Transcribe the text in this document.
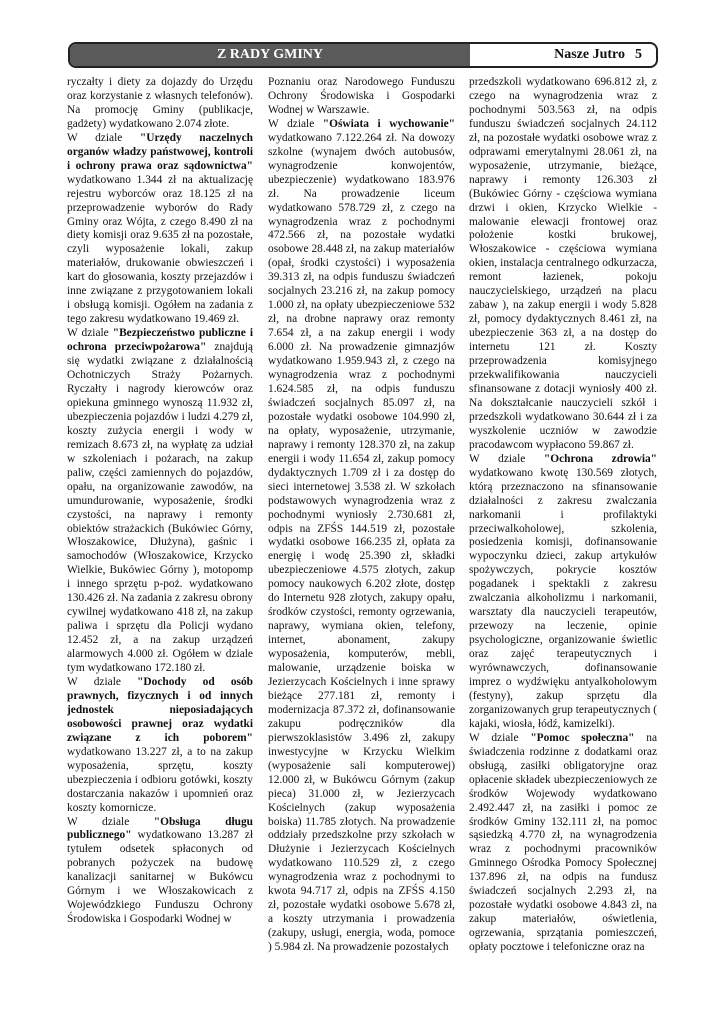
Z RADY GMINY	Nasze Jutro 5

ryczałty i diety za dojazdy do Urzędu oraz korzystanie z własnych telefonów). Na promocję Gminy (publikacje, gadżety) wydatkowano 2.074 złote.

W dziale "Urzędy naczelnych organów władzy państwowej, kontroli i ochrony prawa oraz sądownictwa" wydatkowano 1.344 zł na aktualizację rejestru wyborców oraz 18.125 zł na przeprowadzenie wyborów do Rady Gminy oraz Wójta, z czego 8.490 zł na diety komisji oraz 9.635 zł na pozostałe, czyli wyposażenie lokali, zakup materiałów, drukowanie obwieszczeń i kart do głosowania, koszty przejazdów i inne związane z przygotowaniem lokali i obsługą komisji. Ogółem na zadania z tego zakresu wydatkowano 19.469 zł.

W dziale "Bezpieczeństwo publiczne i ochrona przeciwpożarowa" znajdują się wydatki związane z działalnością Ochotniczych Straży Pożarnych. Ryczałty i nagrody kierowców oraz opiekuna gminnego wynoszą 11.932 zł, ubezpieczenia pojazdów i ludzi 4.279 zł, koszty zużycia energii i wody w remizach 8.673 zł, na wypłatę za udział w szkoleniach i pożarach, na zakup paliw, części zamiennych do pojazdów, opału, na organizowanie zawodów, na umundurowanie, wyposażenie, środki czystości, na naprawy i remonty obiektów strażackich (Bukówiec Górny, Włoszakowice, Dłużyna), gaśnic i samochodów (Włoszakowice, Krzycko Wielkie, Bukówiec Górny ), motopomp i innego sprzętu p-poż. wydatkowano 130.426 zł. Na zadania z zakresu obrony cywilnej wydatkowano 418 zł, na zakup paliwa i sprzętu dla Policji wydano 12.452 zł, a na zakup urządzeń alarmowych 4.000 zł. Ogółem w dziale tym wydatkowano 172.180 zł.

W dziale "Dochody od osób prawnych, fizycznych i od innych jednostek nieposiadających osobowości prawnej oraz wydatki związane z ich poborem" wydatkowano 13.227 zł, a to na zakup wyposażenia, sprzętu, koszty ubezpieczenia i odbioru gotówki, koszty dostarczania nakazów i upomnień oraz koszty komornicze.

W dziale "Obsługa długu publicznego" wydatkowano 13.287 zł tytułem odsetek spłaconych od pobranych pożyczek na budowę kanalizacji sanitarnej w Bukówcu Górnym i we Włoszakowicach z Wojewódzkiego Funduszu Ochrony Środowiska i Gospodarki Wodnej w

Poznaniu oraz Narodowego Funduszu Ochrony Środowiska i Gospodarki Wodnej w Warszawie.

W dziale "Oświata i wychowanie" wydatkowano 7.122.264 zł. Na dowozy szkolne (wynajem dwóch autobusów, wynagrodzenie konwojentów, ubezpieczenie) wydatkowano 183.976 zł. Na prowadzenie liceum wydatkowano 578.729 zł, z czego na wynagrodzenia wraz z pochodnymi 472.566 zł, na pozostałe wydatki osobowe 28.448 zł, na zakup materiałów (opał, środki czystości) i wyposażenia 39.313 zł, na odpis funduszu świadczeń socjalnych 23.216 zł, na zakup pomocy 1.000 zł, na opłaty ubezpieczeniowe 532 zł, na drobne naprawy oraz remonty 7.654 zł, a na zakup energii i wody 6.000 zł. Na prowadzenie gimnazjów wydatkowano 1.959.943 zł, z czego na wynagrodzenia wraz z pochodnymi 1.624.585 zł, na odpis funduszu świadczeń socjalnych 85.097 zł, na pozostałe wydatki osobowe 104.990 zł, na opłaty, wyposażenie, utrzymanie, naprawy i remonty 128.370 zł, na zakup energii i wody 11.654 zł, zakup pomocy dydaktycznych 1.709 zł i za dostęp do sieci internetowej 3.538 zł. W szkołach podstawowych wynagrodzenia wraz z pochodnymi wyniosły 2.730.681 zł, odpis na ZFŚS 144.519 zł, pozostałe wydatki osobowe 166.235 zł, opłata za energię i wodę 25.390 zł, składki ubezpieczeniowe 4.575 złotych, zakup pomocy naukowych 6.202 złote, dostęp do Internetu 928 złotych, zakupy opału, środków czystości, remonty ogrzewania, naprawy, wymiana okien, telefony, internet, abonament, zakupy wyposażenia, komputerów, mebli, malowanie, urządzenie boiska w Jezierzycach Kościelnych i inne sprawy bieżące 277.181 zł, remonty i modernizacja 87.372 zł, dofinansowanie zakupu podręczników dla pierwszoklasistów 3.496 zł, zakupy inwestycyjne w Krzycku Wielkim (wyposażenie sali komputerowej) 12.000 zł, w Bukówcu Górnym (zakup pieca) 31.000 zł, w Jezierzycach Kościelnych (zakup wyposażenia boiska) 11.785 złotych. Na prowadzenie oddziały przedszkolne przy szkołach w Dłużynie i Jezierzycach Kościelnych wydatkowano 110.529 zł, z czego wynagrodzenia wraz z pochodnymi to kwota 94.717 zł, odpis na ZFŚS 4.150 zł, pozostałe wydatki osobowe 5.678 zł, a koszty utrzymania i prowadzenia (zakupy, usługi, energia, woda, pomoce ) 5.984 zł. Na prowadzenie pozostałych

przedszkoli wydatkowano 696.812 zł, z czego na wynagrodzenia wraz z pochodnymi 503.563 zł, na odpis funduszu świadczeń socjalnych 24.112 zł, na pozostałe wydatki osobowe wraz z odprawami emerytalnymi 28.061 zł, na wyposażenie, utrzymanie, bieżące, naprawy i remonty 126.303 zł (Bukówiec Górny - częściowa wymiana drzwi i okien, Krzycko Wielkie - malowanie elewacji frontowej oraz położenie kostki brukowej, Włoszakowice - częściowa wymiana okien, instalacja centralnego odkurzacza, remont łazienek, pokoju nauczycielskiego, urządzeń na placu zabaw ), na zakup energii i wody 5.828 zł, pomocy dydaktycznych 8.461 zł, na ubezpieczenie 363 zł, a na dostęp do internetu 121 zł. Koszty przeprowadzenia komisyjnego przekwalifikowania nauczycieli sfinansowane z dotacji wyniosły 400 zł. Na dokształcanie nauczycieli szkół i przedszkoli wydatkowano 30.644 zł i za wyszkolenie uczniów w zawodzie pracodawcom wypłacono 59.867 zł.

W dziale "Ochrona zdrowia" wydatkowano kwotę 130.569 złotych, którą przeznaczono na sfinansowanie działalności z zakresu zwalczania narkomanii i profilaktyki przeciwalkoholowej, szkolenia, posiedzenia komisji, dofinansowanie wypoczynku dzieci, zakup artykułów spożywczych, pokrycie kosztów pogadanek i spektakli z zakresu zwalczania alkoholizmu i narkomanii, warsztaty dla nauczycieli terapeutów, przewozy na leczenie, opinie psychologiczne, organizowanie świetlic oraz zajęć terapeutycznych i wyrównawczych, dofinansowanie imprez o wydźwięku antyalkoholowym (festyny), zakup sprzętu dla zorganizowanych grup terapeutycznych ( kajaki, wiosła, łódź, kamizelki).

W dziale "Pomoc społeczna" na świadczenia rodzinne z dodatkami oraz obsługą, zasiłki obligatoryjne oraz opłacenie składek ubezpieczeniowych ze środków Wojewody wydatkowano 2.492.447 zł, na zasiłki i pomoc ze środków Gminy 132.111 zł, na pomoc sąsiedzką 4.770 zł, na wynagrodzenia wraz z pochodnymi pracowników Gminnego Ośrodka Pomocy Społecznej 137.896 zł, na odpis na fundusz świadczeń socjalnych 2.293 zł, na pozostałe wydatki osobowe 4.843 zł, na zakup materiałów, oświetlenia, ogrzewania, sprzątania pomieszczeń, opłaty pocztowe i telefoniczne oraz na
